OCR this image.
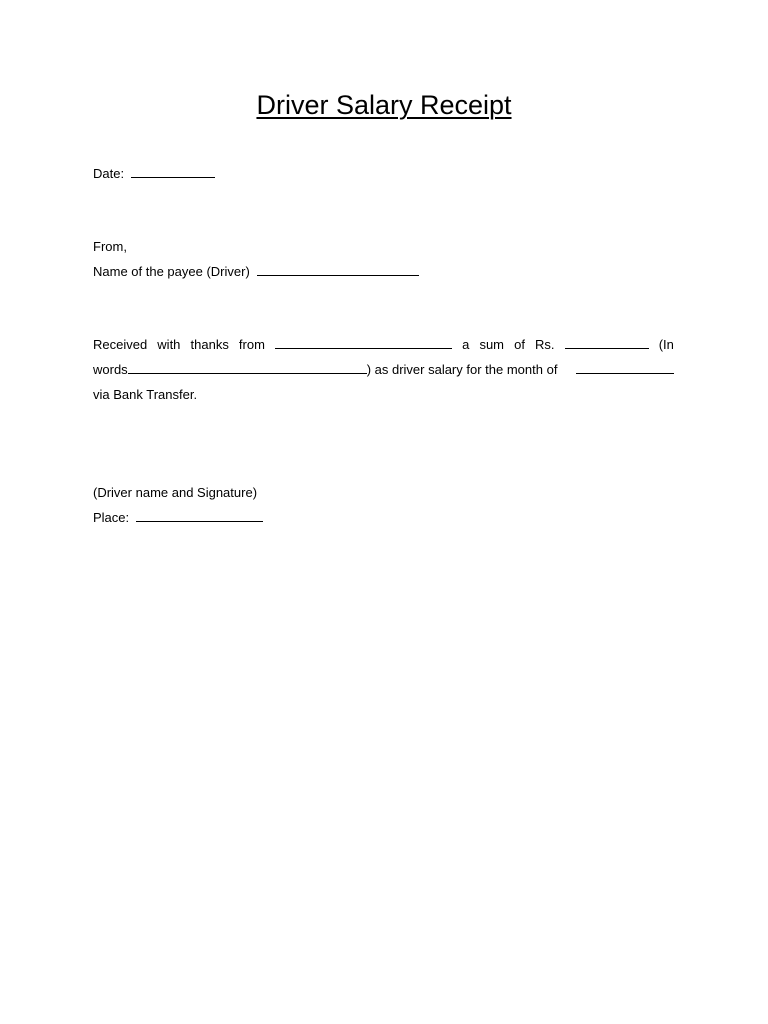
Driver Salary Receipt
Date:
From,
Name of the payee (Driver)
Received with thanks from	a sum of Rs.	(In
words	) as driver salary for the month of
via Bank Transfer.
(Driver name and Signature)
Place:
